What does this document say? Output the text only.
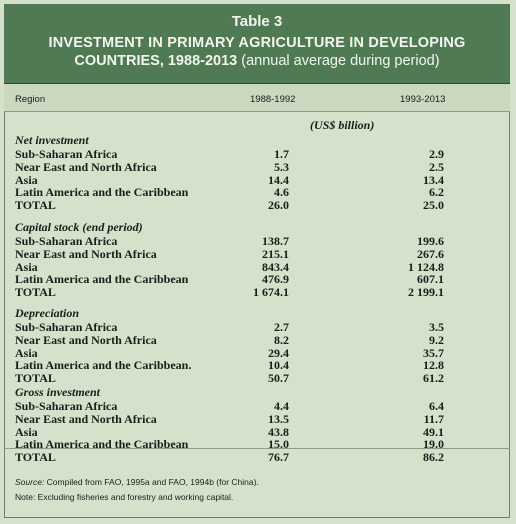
Table 3
INVESTMENT IN PRIMARY AGRICULTURE IN DEVELOPING
COUNTRIES, 1988-2013 (annual average during period)
Region	1988-1992	1993-2013
(US$ billion)
Net investment
Sub-Saharan Africa	1.7	2.9
Near East and North Africa	5.3	2.5
Asia	14.4	13.4
Latin America and the Caribbean	4.6	6.2
TOTAL	26.0	25.0
Capital stock (end period)
Sub-Saharan Africa	138.7	199.6
Near East and North Africa	215.1	267.6
Asia	843.4	1 124.8
Latin America and the Caribbean	476.9	607.1
TOTAL	1 674.1	2 199.1
Depreciation
Sub-Saharan Africa	2.7	3.5
Near East and North Africa	8.2	9.2
Asia	29.4	35.7
Latin America and the Caribbean.	10.4	12.8
TOTAL	50.7	61.2
Gross investment
Sub-Saharan Africa	4.4	6.4
Near East and North Africa	13.5	11.7
Asia	43.8	49.1
Latin America and the Caribbean	15.0	19.0
TOTAL	76.7	86.2
Source: Compiled from FAO, 1995a and FAO, 1994b (for China).
Note: Excluding fisheries and forestry and working capital.
